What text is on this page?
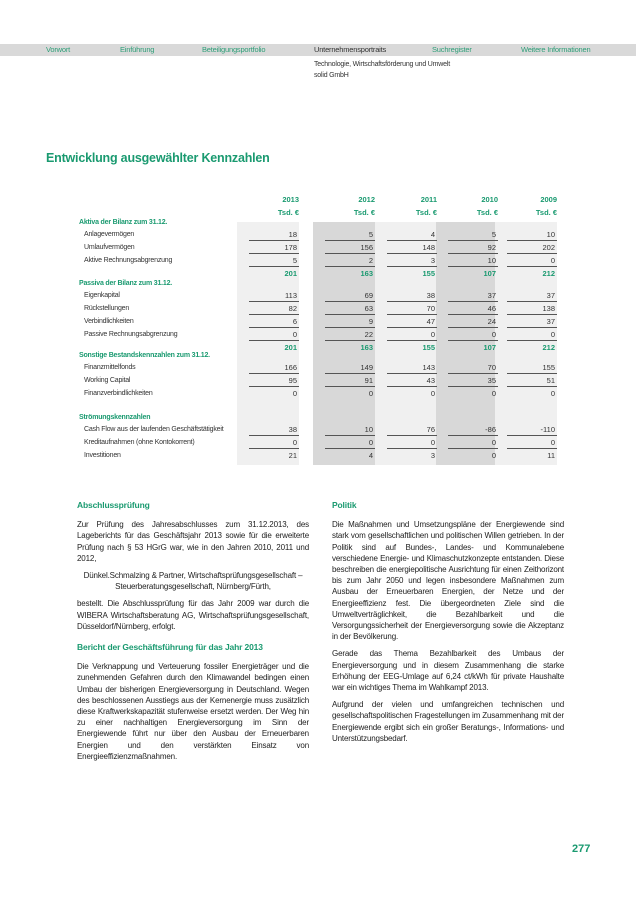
Vorwort	Einführung	Beteiligungsportfolio	Unternehmensportraits	Suchregister	Weitere Informationen
Technologie, Wirtschaftsförderung und Umwelt
solid GmbH
Entwicklung ausgewählter Kennzahlen
2013
Tsd. €
2012
Tsd. €
2011
Tsd. €
2010
Tsd. €
2009
Tsd. €
Aktiva der Bilanz zum 31.12.
Anlagevermögen	18	5	4	5	10
Umlaufvermögen	178	156	148	92	202
Aktive Rechnungsabgrenzung	5	2	3	10	0
201	163	155	107	212
Passiva der Bilanz zum 31.12.
Eigenkapital	113	69	38	37	37
Rückstellungen	82	63	70	46	138
Verbindlichkeiten	6	9	47	24	37
Passive Rechnungsabgrenzung	0	22	0	0	0
201	163	155	107	212
Sonstige Bestandskennzahlen zum 31.12.
Finanzmittelfonds	166	149	143	70	155
Working Capital	95	91	43	35	51
Finanzverbindlichkeiten	0	0	0	0	0
Strömungskennzahlen
Cash Flow aus der laufenden Geschäftstätigkeit	38	10	76	-86	-110
Kreditaufnahmen (ohne Kontokorrent)	0	0	0	0	0
Investitionen	21	4	3	0	11
Abschlussprüfung

Zur Prüfung des Jahresabschlusses zum 31.12.2013, des Lageberichts für das Geschäftsjahr 2013 sowie für die erweiterte Prüfung nach § 53 HGrG war, wie in den Jahren 2010, 2011 und 2012,

Dünkel.Schmalzing & Partner, Wirtschaftsprüfungsgesellschaft – Steuerberatungsgesellschaft, Nürnberg/Fürth,

bestellt. Die Abschlussprüfung für das Jahr 2009 war durch die WIBERA Wirtschaftsberatung AG, Wirtschaftsprüfungsgesellschaft, Düsseldorf/Nürnberg, erfolgt.

Bericht der Geschäftsführung für das Jahr 2013

Die Verknappung und Verteuerung fossiler Energieträger und die zunehmenden Gefahren durch den Klimawandel bedingen einen Umbau der bisherigen Energieversorgung in Deutschland. Wegen des beschlossenen Ausstiegs aus der Kernenergie muss zusätzlich diese Kraftwerkskapazität stufenweise ersetzt werden. Der Weg hin zu einer nachhaltigen Energieversorgung im Sinn der Energiewende führt nur über den Ausbau der Erneuerbaren Energien und den verstärkten Einsatz von Energieeffizienzmaßnahmen.

Politik

Die Maßnahmen und Umsetzungspläne der Energiewende sind stark vom gesellschaftlichen und politischen Willen getrieben. In der Politik sind auf Bundes-, Landes- und Kommunalebene verschiedene Energie- und Klimaschutzkonzepte entstanden. Diese beschreiben die energiepolitische Ausrichtung für einen Zeithorizont bis zum Jahr 2050 und legen insbesondere Maßnahmen zum Ausbau der Erneuerbaren Energien, der Netze und der Energieeffizienz fest. Die übergeordneten Ziele sind die Umweltverträglichkeit, die Bezahlbarkeit und die Versorgungssicherheit der Energieversorgung sowie die Akzeptanz in der Bevölkerung.

Gerade das Thema Bezahlbarkeit des Umbaus der Energieversorgung und in diesem Zusammenhang die starke Erhöhung der EEG-Umlage auf 6,24 ct/kWh für private Haushalte war ein wichtiges Thema im Wahlkampf 2013.

Aufgrund der vielen und umfangreichen technischen und gesellschaftspolitischen Fragestellungen im Zusammenhang mit der Energiewende ergibt sich ein großer Beratungs-, Informations- und Unterstützungsbedarf.

277
